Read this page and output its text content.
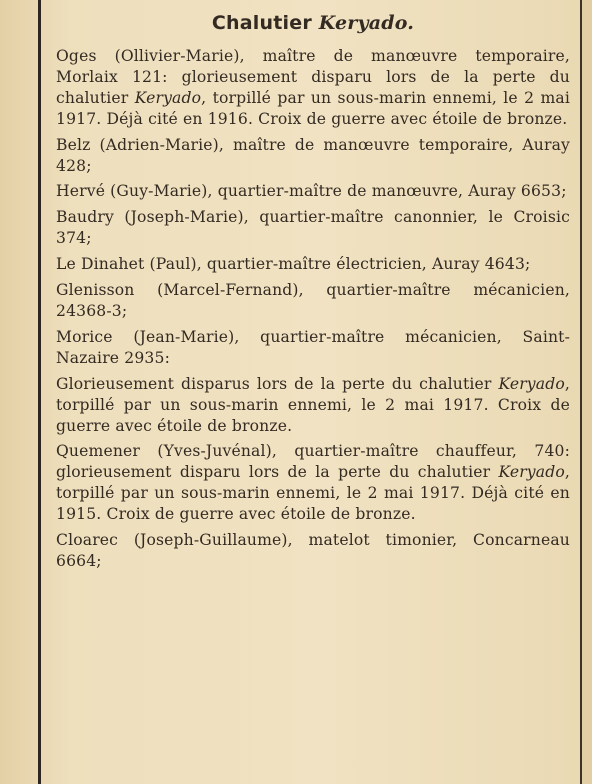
Chalutier Keryado.

Oges (Ollivier-Marie), maître de manœuvre temporaire, Morlaix 121: glorieusement disparu lors de la perte du chalutier Keryado, torpillé par un sous-marin ennemi, le 2 mai 1917. Déjà cité en 1916. Croix de guerre avec étoile de bronze.

Belz (Adrien-Marie), maître de manœuvre temporaire, Auray 428;

Hervé (Guy-Marie), quartier-maître de manœuvre, Auray 6653;

Baudry (Joseph-Marie), quartier-maître canonnier, le Croisic 374;

Le Dinahet (Paul), quartier-maître électricien, Auray 4643;

Glenisson (Marcel-Fernand), quartier-maître mécanicien, 24368-3;

Morice (Jean-Marie), quartier-maître mécanicien, Saint-Nazaire 2935:

Glorieusement disparus lors de la perte du chalutier Keryado, torpillé par un sous-marin ennemi, le 2 mai 1917. Croix de guerre avec étoile de bronze.

Quemener (Yves-Juvénal), quartier-maître chauffeur, 740: glorieusement disparu lors de la perte du chalutier Keryado, torpillé par un sous-marin ennemi, le 2 mai 1917. Déjà cité en 1915. Croix de guerre avec étoile de bronze.

Cloarec (Joseph-Guillaume), matelot timonier, Concarneau 6664;
